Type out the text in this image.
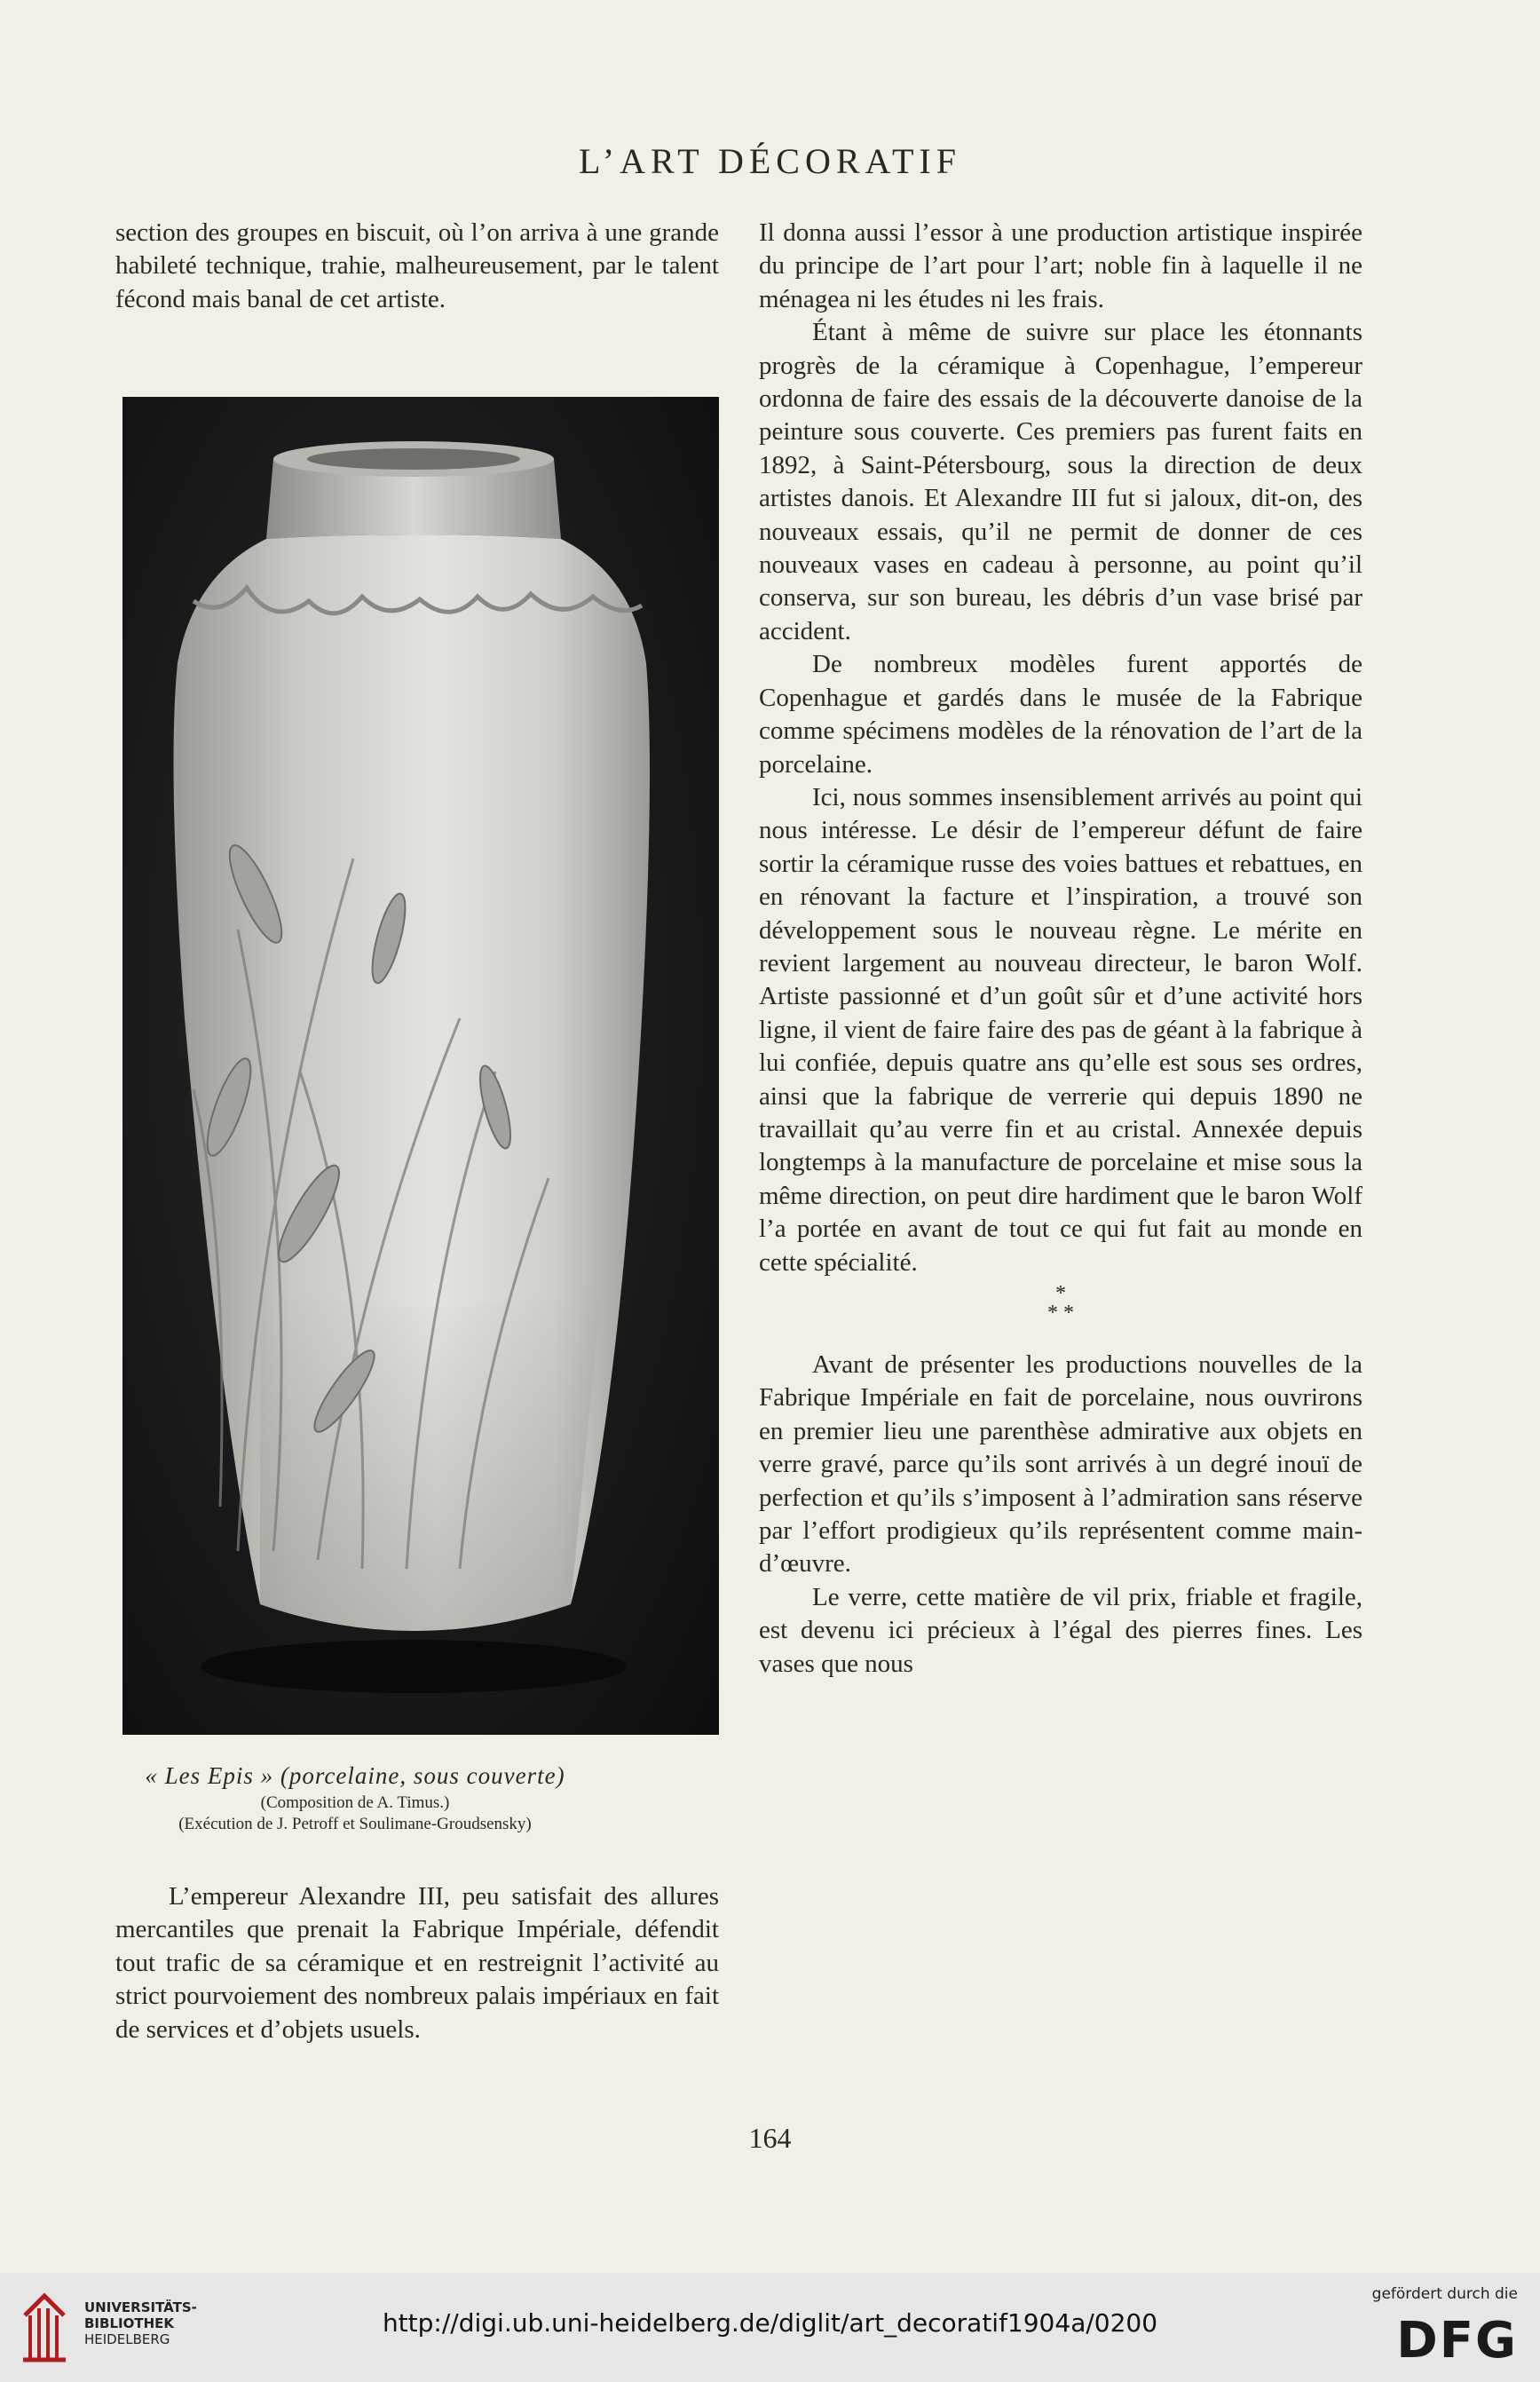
L’ART DÉCORATIF

section des groupes en biscuit, où l’on arriva à une grande habileté technique, trahie, malheureusement, par le talent fécond mais banal de cet artiste.

« Les Epis » (porcelaine, sous couverte)
(Composition de A. Timus.)
(Exécution de J. Petroff et Soulimane-Groudsensky)

L’empereur Alexandre III, peu satisfait des allures mercantiles que prenait la Fabrique Impériale, défendit tout trafic de sa céramique et en restreignit l’activité au strict pourvoiement des nombreux palais impériaux en fait de services et d’objets usuels.

Il donna aussi l’essor à une production artistique inspirée du principe de l’art pour l’art; noble fin à laquelle il ne ménagea ni les études ni les frais.

Étant à même de suivre sur place les étonnants progrès de la céramique à Copenhague, l’empereur ordonna de faire des essais de la découverte danoise de la peinture sous couverte. Ces premiers pas furent faits en 1892, à Saint-Pétersbourg, sous la direction de deux artistes danois. Et Alexandre III fut si jaloux, dit-on, des nouveaux essais, qu’il ne permit de donner de ces nouveaux vases en cadeau à personne, au point qu’il conserva, sur son bureau, les débris d’un vase brisé par accident.

De nombreux modèles furent apportés de Copenhague et gardés dans le musée de la Fabrique comme spécimens modèles de la rénovation de l’art de la porcelaine.

Ici, nous sommes insensiblement arrivés au point qui nous intéresse. Le désir de l’empereur défunt de faire sortir la céramique russe des voies battues et rebattues, en en rénovant la facture et l’inspiration, a trouvé son développement sous le nouveau règne. Le mérite en revient largement au nouveau directeur, le baron Wolf. Artiste passionné et d’un goût sûr et d’une activité hors ligne, il vient de faire faire des pas de géant à la fabrique à lui confiée, depuis quatre ans qu’elle est sous ses ordres, ainsi que la fabrique de verrerie qui depuis 1890 ne travaillait qu’au verre fin et au cristal. Annexée depuis longtemps à la manufacture de porcelaine et mise sous la même direction, on peut dire hardiment que le baron Wolf l’a portée en avant de tout ce qui fut fait au monde en cette spécialité.

*
* *

Avant de présenter les productions nouvelles de la Fabrique Impériale en fait de porcelaine, nous ouvrirons en premier lieu une parenthèse admirative aux objets en verre gravé, parce qu’ils sont arrivés à un degré inouï de perfection et qu’ils s’imposent à l’admiration sans réserve par l’effort prodigieux qu’ils représentent comme main-d’œuvre.

Le verre, cette matière de vil prix, friable et fragile, est devenu ici précieux à l’égal des pierres fines. Les vases que nous

164
UNIVERSITÄTS-
BIBLIOTHEK
HEIDELBERG
http://digi.ub.uni-heidelberg.de/diglit/art_decoratif1904a/0200
gefördert durch die
DFG
